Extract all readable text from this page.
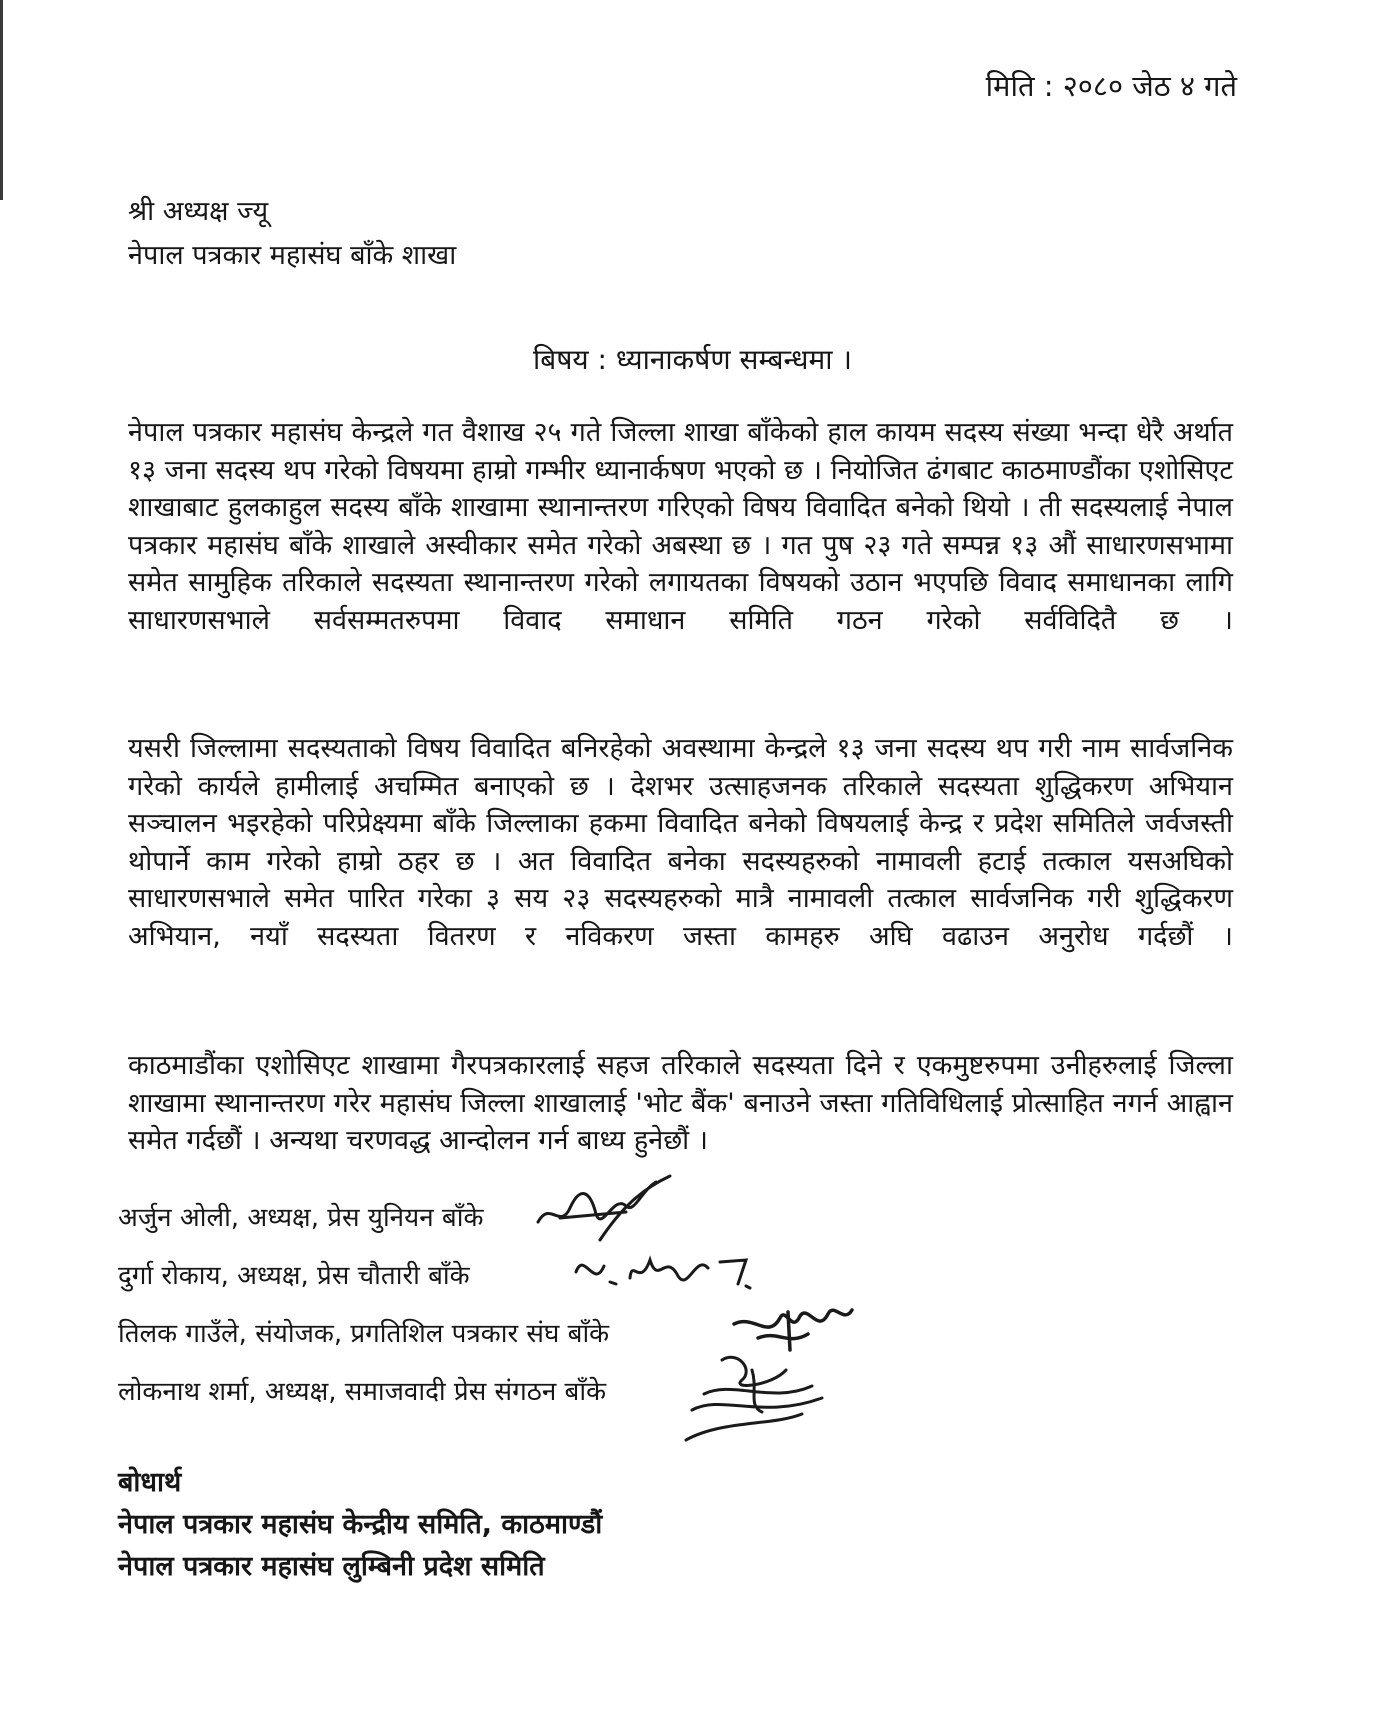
मिति : २०८० जेठ ४ गते
श्री अध्यक्ष ज्यू
नेपाल पत्रकार महासंघ बाँके शाखा
बिषय : ध्यानाकर्षण सम्बन्धमा ।

नेपाल पत्रकार महासंघ केन्द्रले गत वैशाख २५ गते जिल्ला शाखा बाँकेको हाल कायम सदस्य संख्या भन्दा धेरै अर्थात १३ जना सदस्य थप गरेको विषयमा हाम्रो गम्भीर ध्यानार्कषण भएको छ । नियोजित ढंगबाट काठमाण्डौंका एशोसिएट शाखाबाट हुलकाहुल सदस्य बाँके शाखामा स्थानान्तरण गरिएको विषय विवादित बनेको थियो । ती सदस्यलाई नेपाल पत्रकार महासंघ बाँके शाखाले अस्वीकार समेत गरेको अबस्था छ । गत पुष २३ गते सम्पन्न १३ औं साधारणसभामा समेत सामुहिक तरिकाले सदस्यता स्थानान्तरण गरेको लगायतका विषयको उठान भएपछि विवाद समाधानका लागि साधारणसभाले सर्वसम्मतरुपमा विवाद समाधान समिति गठन गरेको सर्वविदितै छ ।

यसरी जिल्लामा सदस्यताको विषय विवादित बनिरहेको अवस्थामा केन्द्रले १३ जना सदस्य थप गरी नाम सार्वजनिक गरेको कार्यले हामीलाई अचम्मित बनाएको छ । देशभर उत्साहजनक तरिकाले सदस्यता शुद्धिकरण अभियान सञ्चालन भइरहेको परिप्रेक्ष्यमा बाँके जिल्लाका हकमा विवादित बनेको विषयलाई केन्द्र र प्रदेश समितिले जर्वजस्ती थोपार्ने काम गरेको हाम्रो ठहर छ । अत विवादित बनेका सदस्यहरुको नामावली हटाई तत्काल यसअघिको साधारणसभाले समेत पारित गरेका ३ सय २३ सदस्यहरुको मात्रै नामावली तत्काल सार्वजनिक गरी शुद्धिकरण अभियान, नयाँ सदस्यता वितरण र नविकरण जस्ता कामहरु अघि वढाउन अनुरोध गर्दछौं ।

काठमाडौंका एशोसिएट शाखामा गैरपत्रकारलाई सहज तरिकाले सदस्यता दिने र एकमुष्टरुपमा उनीहरुलाई जिल्ला शाखामा स्थानान्तरण गरेर महासंघ जिल्ला शाखालाई 'भोट बैंक' बनाउने जस्ता गतिविधिलाई प्रोत्साहित नगर्न आह्वान समेत गर्दछौं । अन्यथा चरणवद्ध आन्दोलन गर्न बाध्य हुनेछौं ।

अर्जुन ओली, अध्यक्ष, प्रेस युनियन बाँके
दुर्गा रोकाय, अध्यक्ष, प्रेस चौतारी बाँके
तिलक गाउँले, संयोजक, प्रगतिशिल पत्रकार संघ बाँके
लोकनाथ शर्मा, अध्यक्ष, समाजवादी प्रेस संगठन बाँके
बोधार्थ
नेपाल पत्रकार महासंघ केन्द्रीय समिति, काठमाण्डौं
नेपाल पत्रकार महासंघ लुम्बिनी प्रदेश समिति
